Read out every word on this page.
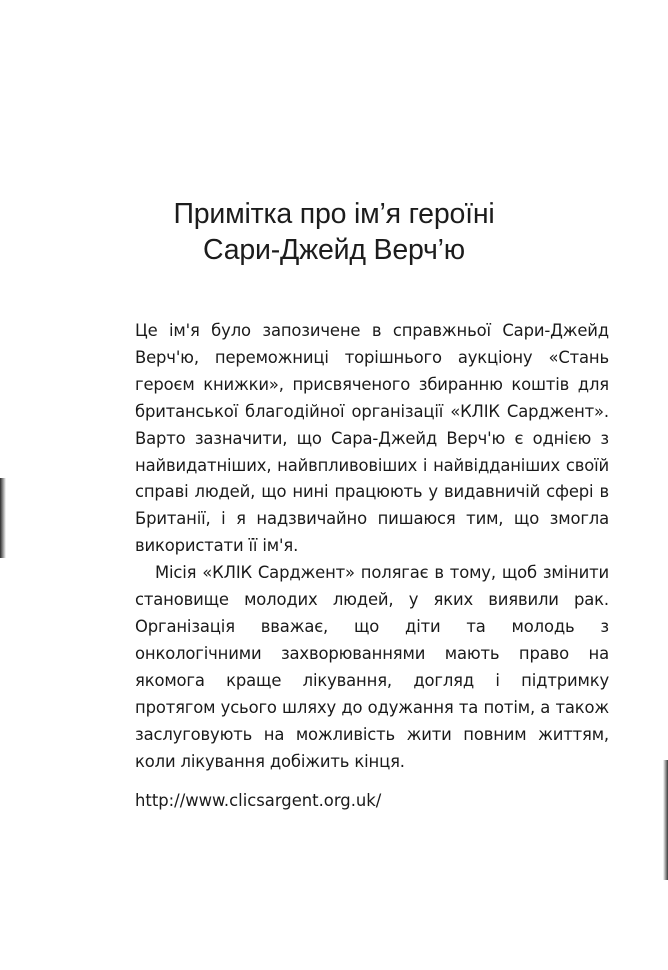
Примітка про ім’я героїні
Сари-Джейд Верч’ю

Це ім'я було запозичене в справжньої Сари-Джейд Верч'ю, переможниці торішнього аукціону «Стань героєм книжки», присвяченого збиранню коштів для британської благодійної організації «КЛІК Сарджент». Варто зазначити, що Сара-Джейд Верч'ю є однією з найвидатніших, найвпливовіших і найвідданіших своїй справі людей, що нині працюють у видавничій сфері в Британії, і я надзвичайно пишаюся тим, що змогла використати її ім'я.

Місія «КЛІК Сарджент» полягає в тому, щоб змінити становище молодих людей, у яких виявили рак. Організація вважає, що діти та молодь з онкологічними захворюваннями мають право на якомога краще лікування, догляд і підтримку протягом усього шляху до одужання та потім, а також заслуговують на можливість жити повним життям, коли лікування добіжить кінця.

http://www.clicsargent.org.uk/
